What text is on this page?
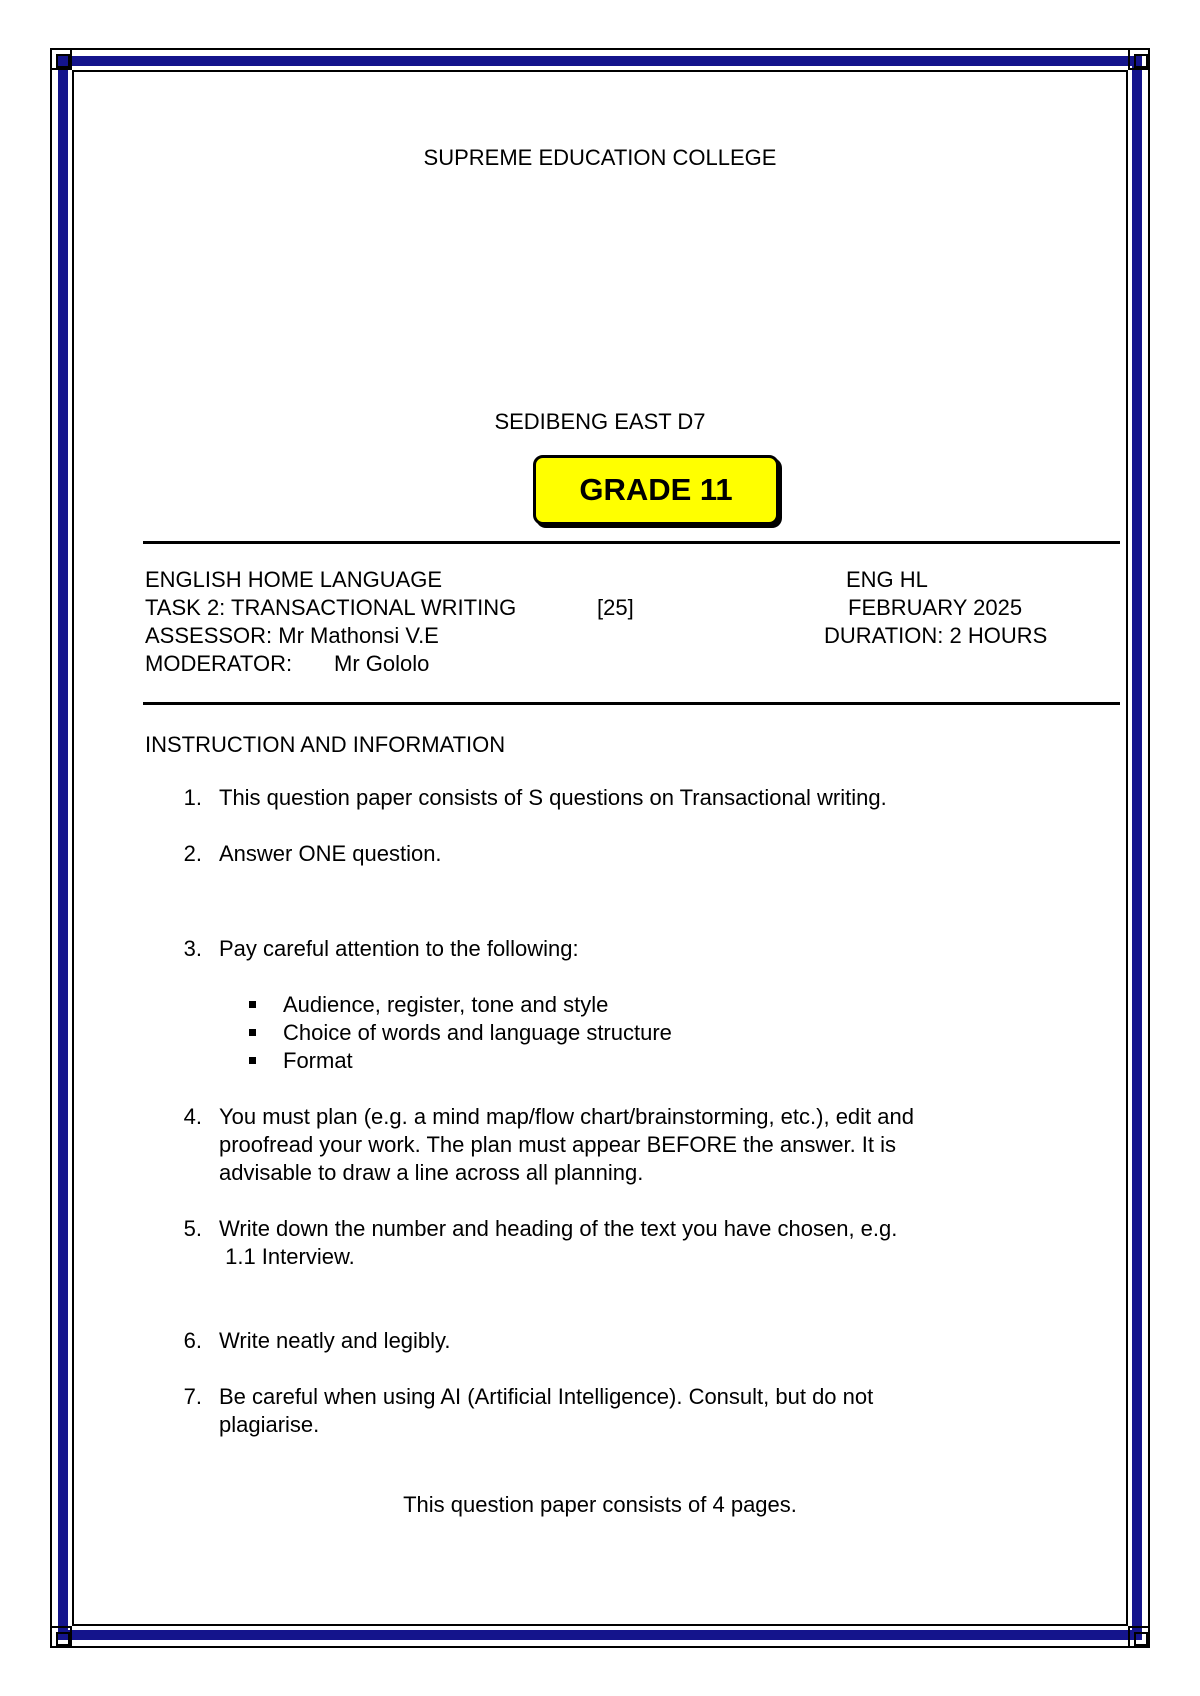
SUPREME EDUCATION COLLEGE
SEDIBENG EAST D7
GRADE 11
ENGLISH HOME LANGUAGE	ENG HL
TASK 2: TRANSACTIONAL WRITING	[25]	FEBRUARY 2025
ASSESSOR: Mr Mathonsi V.E	DURATION: 2 HOURS
MODERATOR: Mr Gololo
INSTRUCTION AND INFORMATION
1. This question paper consists of S questions on Transactional writing.
2. Answer ONE question.
3. Pay careful attention to the following:
Audience, register, tone and style
Choice of words and language structure
Format
4. You must plan (e.g. a mind map/flow chart/brainstorming, etc.), edit and
proofread your work. The plan must appear BEFORE the answer. It is
advisable to draw a line across all planning.
5. Write down the number and heading of the text you have chosen, e.g.
1.1 Interview.
6. Write neatly and legibly.
7. Be careful when using AI (Artificial Intelligence). Consult, but do not
plagiarise.
This question paper consists of 4 pages.
